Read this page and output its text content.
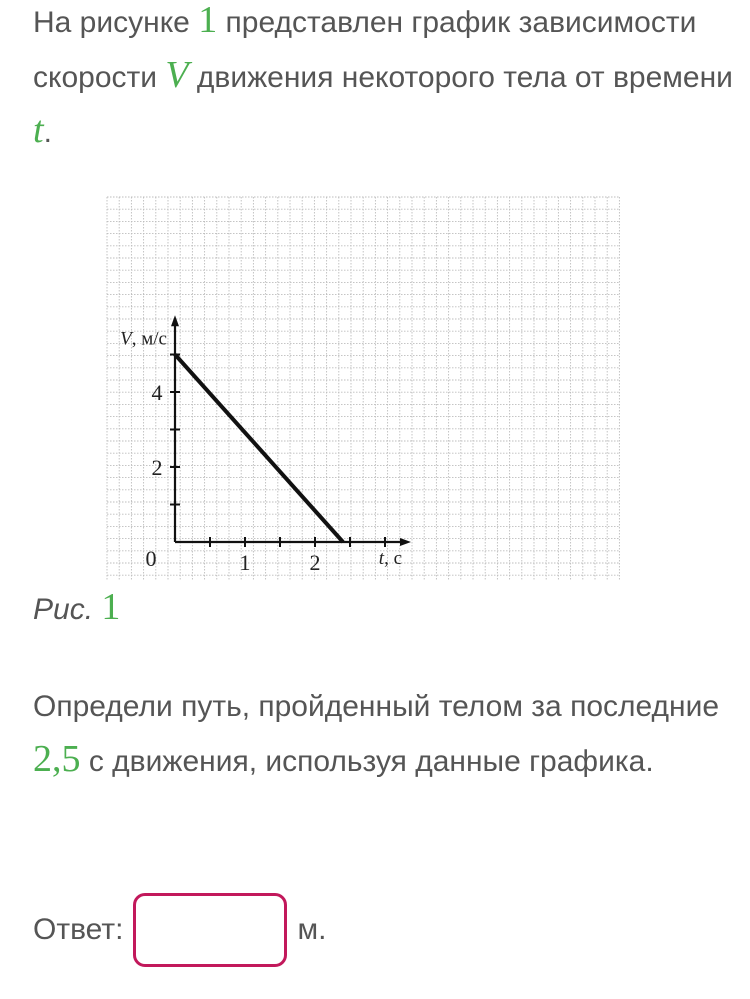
На рисунке 1 представлен график зависимости скорости V движения некоторого тела от времени t.

1	2
2
4
0
V, м/с
t, с
Рис. 1

Определи путь, пройденный телом за последние 2,5 с движения, используя данные графика.

Ответ:	м.
